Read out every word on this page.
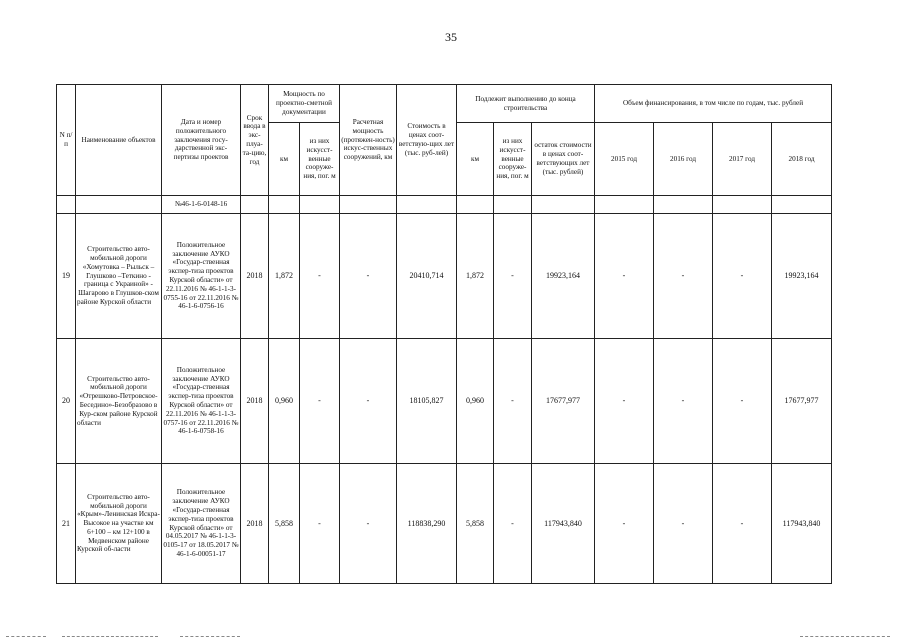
35
N п/п	Наименование объектов	Дата и номер положительного заключения госу-дарственной экс-пертизы проектов	Срок ввода в экс-плуа-та-цию, год	Мощность по проектно-сметной документации		Расчетная мощность (протяжен-ность) искус-ственных сооружений, км	Стоимость в ценах соот-ветствую-щих лет (тыс. руб-лей)	Подлежит выполнению до конца строительства			Объем финансирования, в том числе по годам, тыс. рублей			
				км	из них искусст-венные сооруже-ния, пог. м			км	из них искусст-венные сооруже-ния, пог. м	остаток стоимости в ценах соот-ветствующих лет (тыс. рублей)	2015 год	2016 год	2017 год	2018 год
		№46-1-6-0148-16												
19	Строительство авто-мобильной дороги «Хомутовка – Рыльск –Глушково –Теткино - граница с Украиной» - Шагарово в Глушков-ском районе Курской области	Положительное заключение АУКО «Государ-ственная экспер-тиза проектов Курской области» от 22.11.2016 № 46-1-1-3-0755-16 от 22.11.2016 № 46-1-6-0756-16	2018	1,872	-	-	20410,714	1,872	-	19923,164	-	-	-	19923,164
20	Строительство авто-мобильной дороги «Отрешково-Петровское-Беседино»-Безобразово в Кур-ском районе Курской области	Положительное заключение АУКО «Государ-ственная экспер-тиза проектов Курской области» от 22.11.2016 № 46-1-1-3-0757-16 от 22.11.2016 № 46-1-6-0758-16	2018	0,960	-	-	18105,827	0,960	-	17677,977	-	-	-	17677,977
21	Строительство авто-мобильной дороги «Крым»-Ленинская Искра-Высокое на участке км 6+100 – км 12+100 в Медвенском районе Курской об-ласти	Положительное заключение АУКО «Государ-ственная экспер-тиза проектов Курской области» от 04.05.2017 № 46-1-1-3-0105-17 от 18.05.2017 № 46-1-6-00051-17	2018	5,858	-	-	118838,290	5,858	-	117943,840	-	-	-	117943,840
